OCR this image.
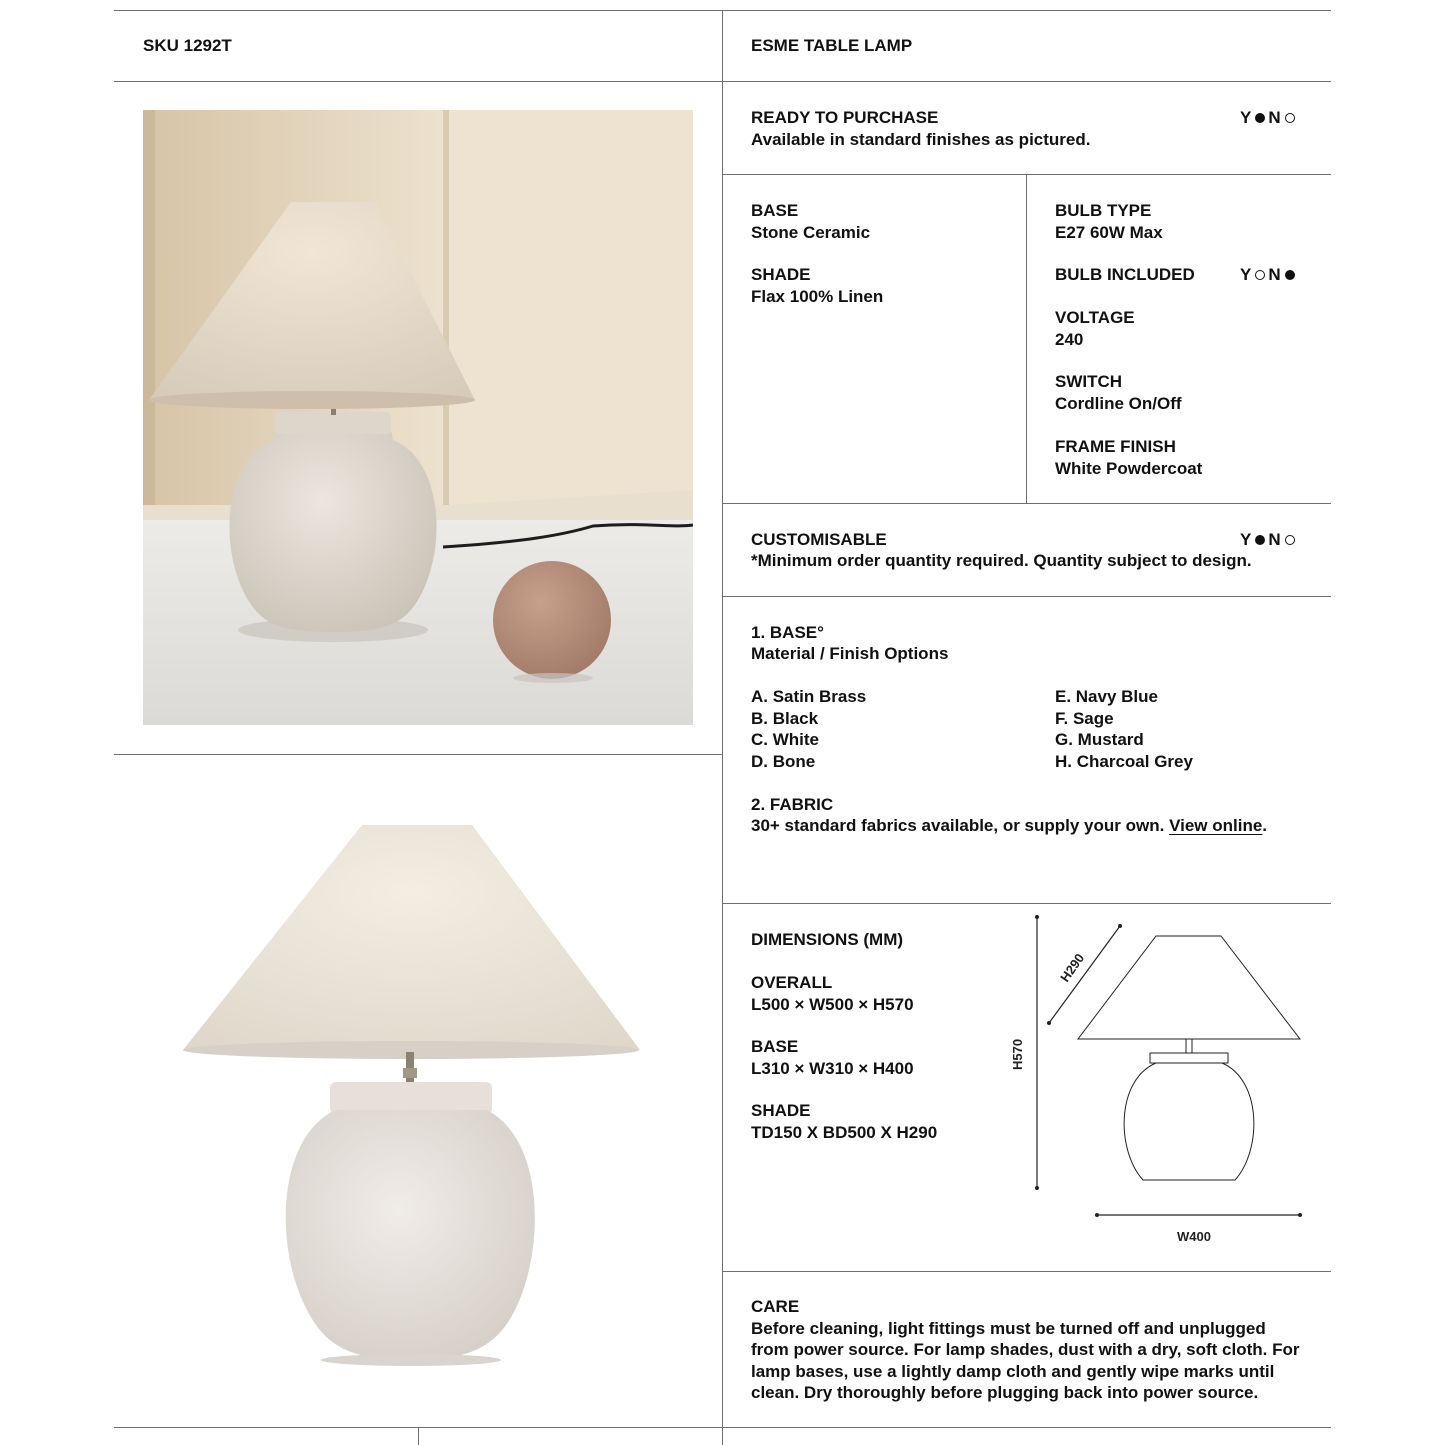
SKU 1292T	ESME TABLE LAMP
READY TO PURCHASE
Available in standard finishes as pictured.
Y N
BASE
Stone Ceramic
SHADE
Flax 100% Linen
BULB TYPE
E27 60W Max
BULB INCLUDED	Y N
VOLTAGE
240
SWITCH
Cordline On/Off
FRAME FINISH
White Powdercoat
CUSTOMISABLE
*Minimum order quantity required. Quantity subject to design.
Y N
1. BASE°
Material / Finish Options
A. Satin Brass
B. Black
C. White
D. Bone
E. Navy Blue
F. Sage
G. Mustard
H. Charcoal Grey
2. FABRIC
30+ standard fabrics available, or supply your own. View online.
DIMENSIONS (MM)
OVERALL
L500 × W500 × H570
BASE
L310 × W310 × H400
SHADE
TD150 X BD500 X H290
H570
H290
W400
CARE
Before cleaning, light fittings must be turned off and unplugged
from power source. For lamp shades, dust with a dry, soft cloth. For
lamp bases, use a lightly damp cloth and gently wipe marks until
clean. Dry thoroughly before plugging back into power source.
